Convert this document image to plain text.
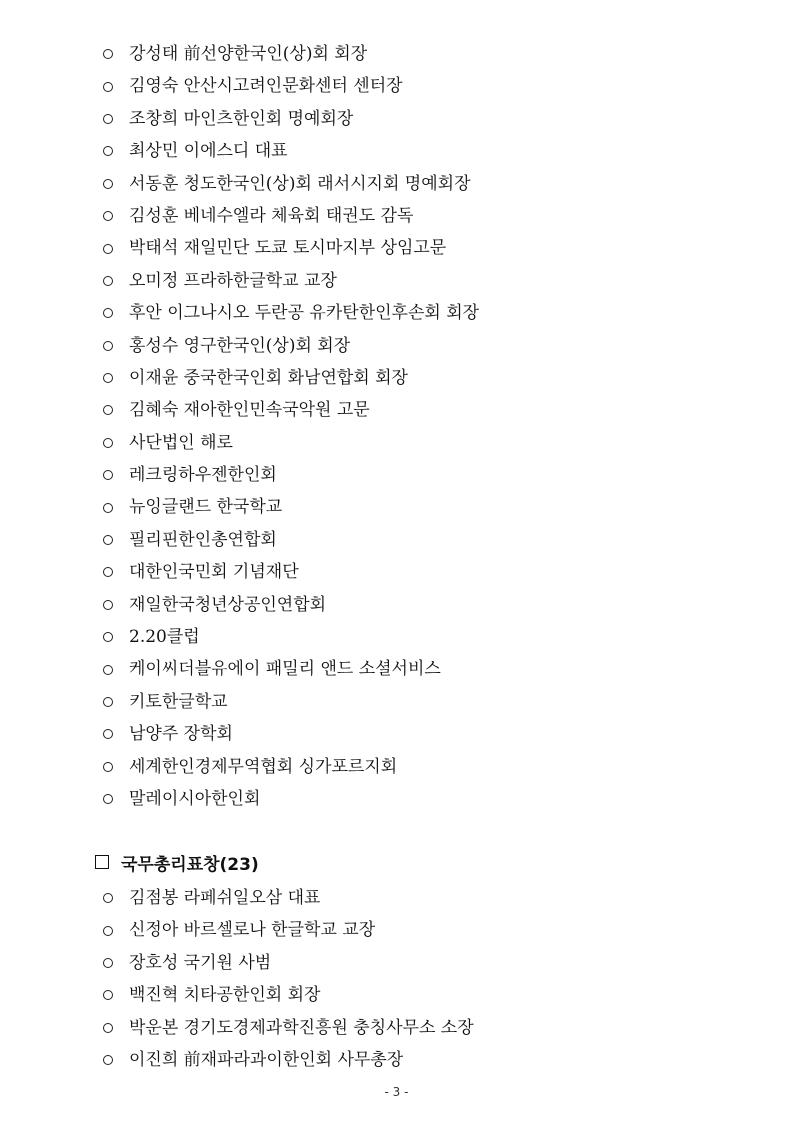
강성태 前선양한국인(상)회 회장
김영숙 안산시고려인문화센터 센터장
조창희 마인츠한인회 명예회장
최상민 이에스디 대표
서동훈 청도한국인(상)회 래서시지회 명예회장
김성훈 베네수엘라 체육회 태권도 감독
박태석 재일민단 도쿄 토시마지부 상임고문
오미정 프라하한글학교 교장
후안 이그나시오 두란공 유카탄한인후손회 회장
홍성수 영구한국인(상)회 회장
이재윤 중국한국인회 화남연합회 회장
김혜숙 재아한인민속국악원 고문
사단법인 해로
레크링하우젠한인회
뉴잉글랜드 한국학교
필리핀한인총연합회
대한인국민회 기념재단
재일한국청년상공인연합회
2.20클럽
케이씨더블유에이 패밀리 앤드 소셜서비스
키토한글학교
남양주 장학회
세계한인경제무역협회 싱가포르지회
말레이시아한인회
국무총리표창(23)
김점봉 라페쉬일오삼 대표
신정아 바르셀로나 한글학교 교장
장호성 국기원 사범
백진혁 치타공한인회 회장
박운본 경기도경제과학진흥원 충칭사무소 소장
이진희 前재파라과이한인회 사무총장
- 3 -
